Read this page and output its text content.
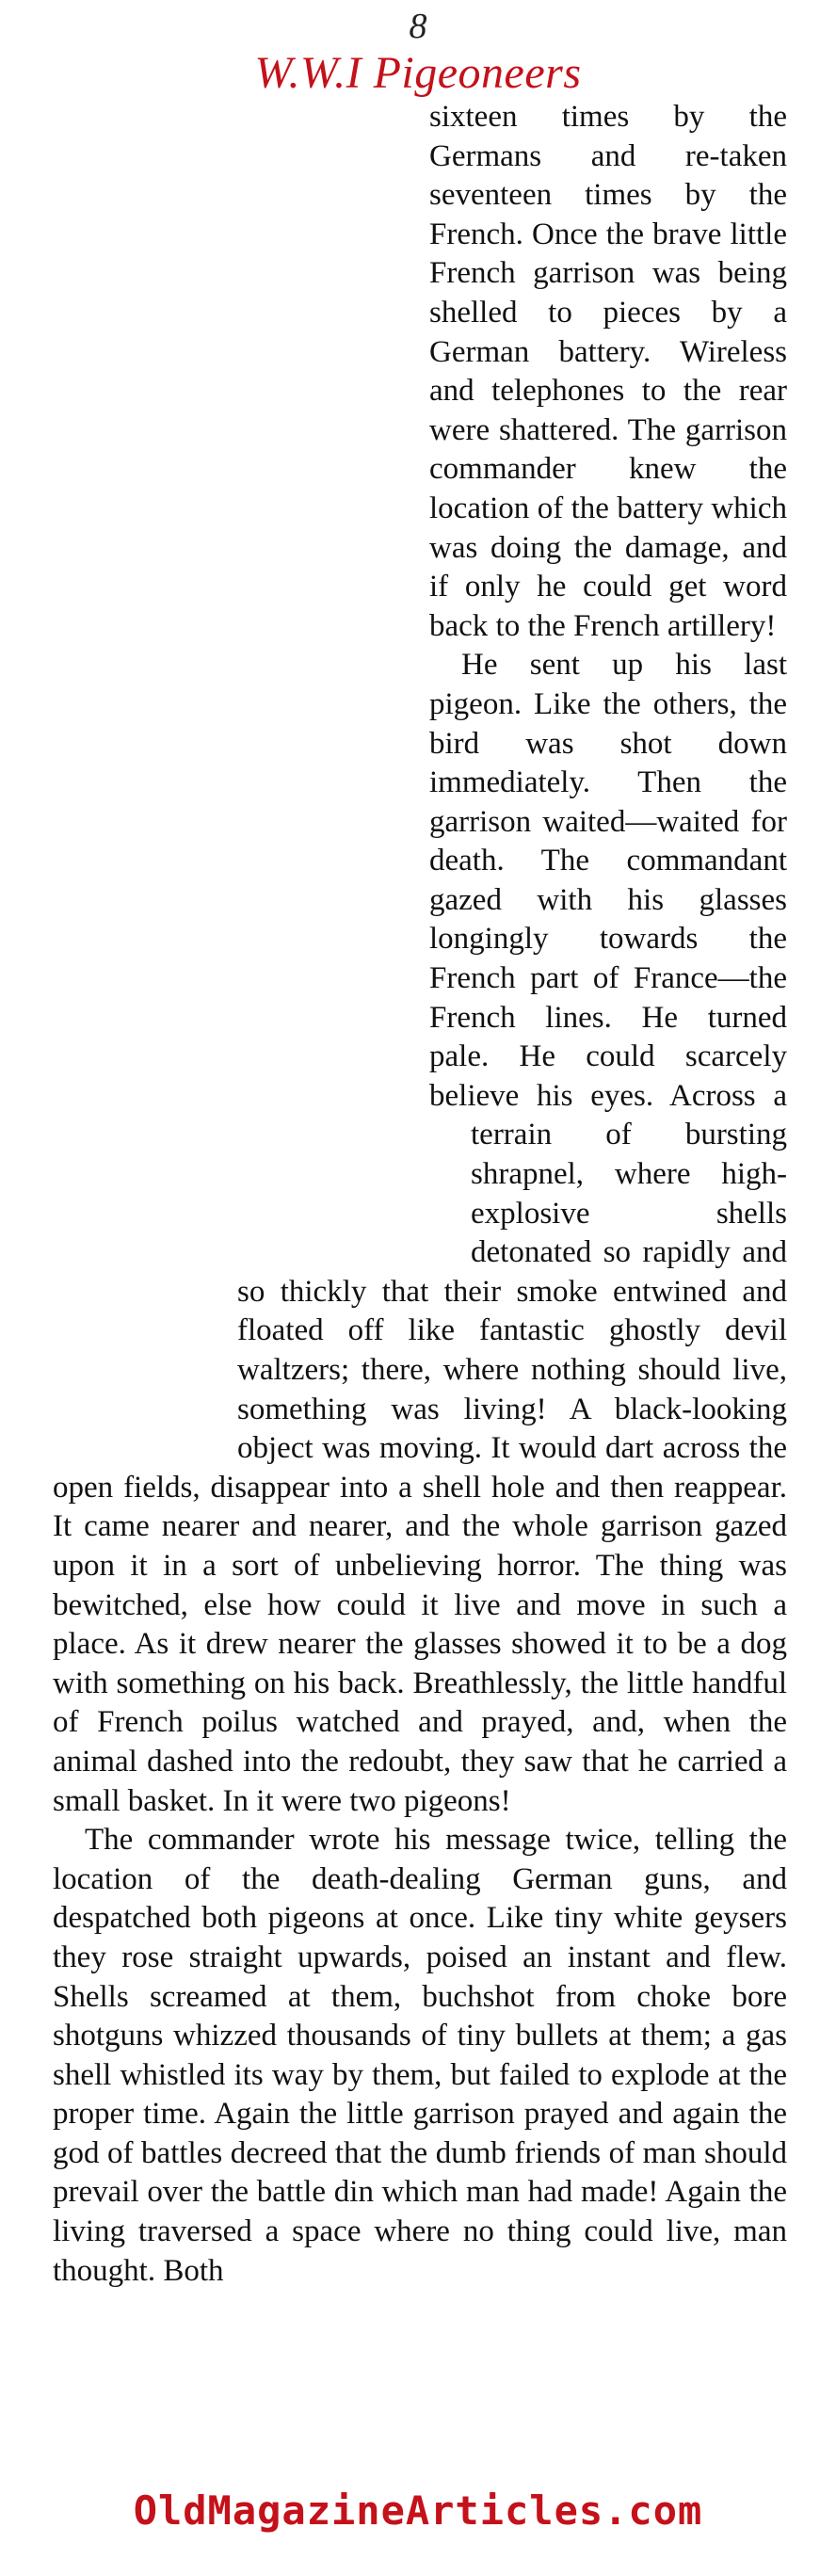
8
W.W.I Pigeoneers

sixteen times by the Germans and re-taken seventeen times by the French. Once the brave little French garrison was being shelled to pieces by a German battery. Wireless and telephones to the rear were shattered. The garrison commander knew the location of the battery which was doing the damage, and if only he could get word back to the French artillery!

He sent up his last pigeon. Like the others, the bird was shot down immediately. Then the garrison waited—waited for death. The commandant gazed with his glasses longingly towards the French part of France—the French lines. He turned pale. He could scarcely believe his eyes. Across a terrain of bursting shrapnel, where high-explosive shells detonated so rapidly and so thickly that their smoke entwined and floated off like fantastic ghostly devil waltzers; there, where nothing should live, something was living! A black-looking object was moving. It would dart across the open fields, disappear into a shell hole and then reappear. It came nearer and nearer, and the whole garrison gazed upon it in a sort of unbelieving horror. The thing was bewitched, else how could it live and move in such a place. As it drew nearer the glasses showed it to be a dog with something on his back. Breathlessly, the little handful of French poilus watched and prayed, and, when the animal dashed into the redoubt, they saw that he carried a small basket. In it were two pigeons!

The commander wrote his message twice, telling the location of the death-dealing German guns, and despatched both pigeons at once. Like tiny white geysers they rose straight upwards, poised an instant and flew. Shells screamed at them, buchshot from choke bore shotguns whizzed thousands of tiny bullets at them; a gas shell whistled its way by them, but failed to explode at the proper time. Again the little garrison prayed and again the god of battles decreed that the dumb friends of man should prevail over the battle din which man had made! Again the living traversed a space where no thing could live, man thought. Both

OldMagazineArticles.com
